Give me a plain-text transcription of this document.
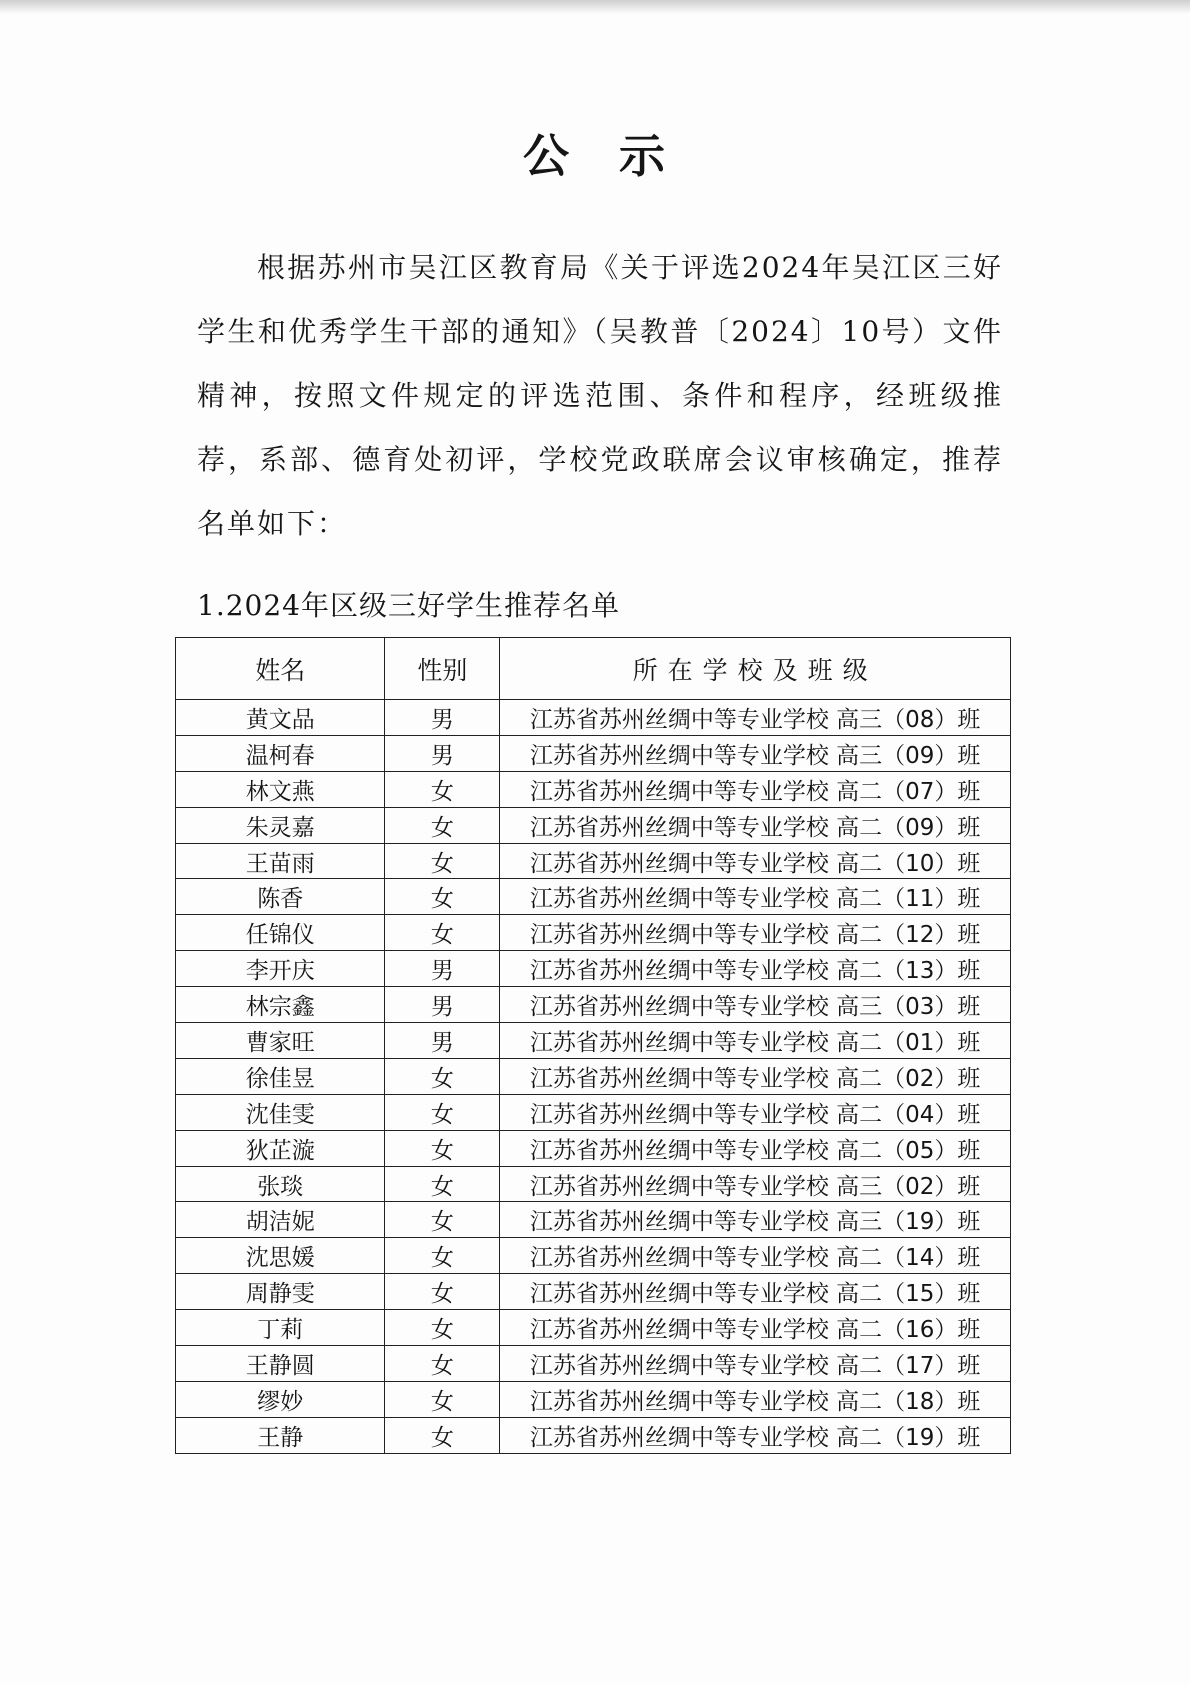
公　示

根据苏州市吴江区教育局《关于评选2024年吴江区三好学生和优秀学生干部的通知》（吴教普〔2024〕10号）文件精神，按照文件规定的评选范围、条件和程序，经班级推荐，系部、德育处初评，学校党政联席会议审核确定，推荐名单如下：

1.2024年区级三好学生推荐名单
姓名	性别	所在学校及班级
黄文品	男	江苏省苏州丝绸中等专业学校 高三（08）班
温柯春	男	江苏省苏州丝绸中等专业学校 高三（09）班
林文燕	女	江苏省苏州丝绸中等专业学校 高二（07）班
朱灵嘉	女	江苏省苏州丝绸中等专业学校 高二（09）班
王苗雨	女	江苏省苏州丝绸中等专业学校 高二（10）班
陈香	女	江苏省苏州丝绸中等专业学校 高二（11）班
任锦仪	女	江苏省苏州丝绸中等专业学校 高二（12）班
李开庆	男	江苏省苏州丝绸中等专业学校 高二（13）班
林宗鑫	男	江苏省苏州丝绸中等专业学校 高三（03）班
曹家旺	男	江苏省苏州丝绸中等专业学校 高二（01）班
徐佳昱	女	江苏省苏州丝绸中等专业学校 高二（02）班
沈佳雯	女	江苏省苏州丝绸中等专业学校 高二（04）班
狄芷漩	女	江苏省苏州丝绸中等专业学校 高二（05）班
张琰	女	江苏省苏州丝绸中等专业学校 高三（02）班
胡洁妮	女	江苏省苏州丝绸中等专业学校 高三（19）班
沈思媛	女	江苏省苏州丝绸中等专业学校 高二（14）班
周静雯	女	江苏省苏州丝绸中等专业学校 高二（15）班
丁莉	女	江苏省苏州丝绸中等专业学校 高二（16）班
王静圆	女	江苏省苏州丝绸中等专业学校 高二（17）班
缪妙	女	江苏省苏州丝绸中等专业学校 高二（18）班
王静	女	江苏省苏州丝绸中等专业学校 高二（19）班
